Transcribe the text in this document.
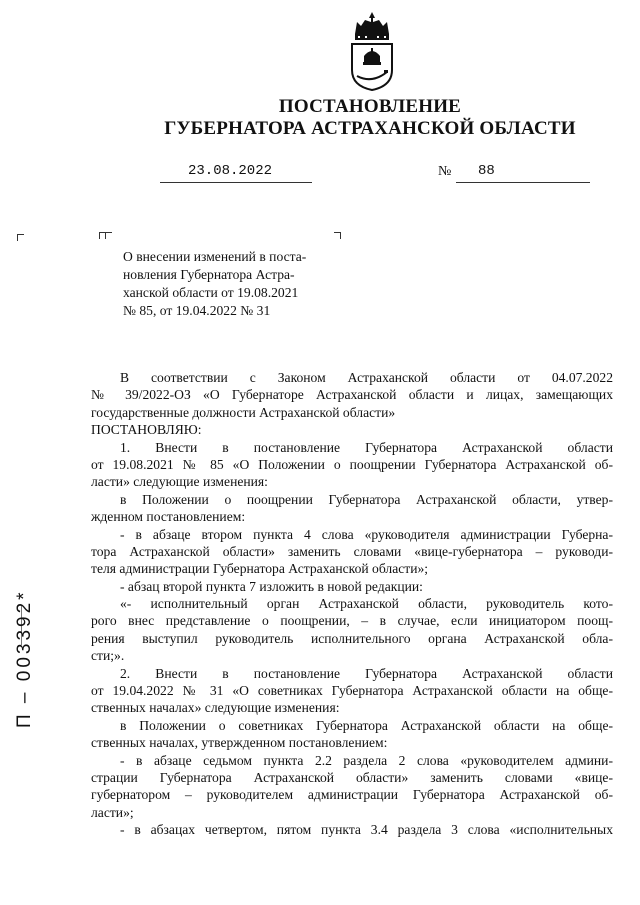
ПОСТАНОВЛЕНИЕ
ГУБЕРНАТОРА АСТРАХАНСКОЙ ОБЛАСТИ
23.08.2022	№ 88
О внесении изменений в поста-
новления Губернатора Астра-
ханской области от 19.08.2021
№ 85, от 19.04.2022 № 31
В соответствии с Законом Астраханской области от 04.07.2022
№ 39/2022-ОЗ «О Губернаторе Астраханской области и лицах, замещающих
государственные должности Астраханской области»
ПОСТАНОВЛЯЮ:
1. Внести в постановление Губернатора Астраханской области
от 19.08.2021 № 85 «О Положении о поощрении Губернатора Астраханской об-
ласти» следующие изменения:
в Положении о поощрении Губернатора Астраханской области, утвер-
жденном постановлением:
- в абзаце втором пункта 4 слова «руководителя администрации Губерна-
тора Астраханской области» заменить словами «вице-губернатора – руководи-
теля администрации Губернатора Астраханской области»;
- абзац второй пункта 7 изложить в новой редакции:
«- исполнительный орган Астраханской области, руководитель кото-
рого внес представление о поощрении, – в случае, если инициатором поощ-
рения выступил руководитель исполнительного органа Астраханской обла-
сти;».
2. Внести в постановление Губернатора Астраханской области
от 19.04.2022 № 31 «О советниках Губернатора Астраханской области на обще-
ственных началах» следующие изменения:
в Положении о советниках Губернатора Астраханской области на обще-
ственных началах, утвержденном постановлением:
- в абзаце седьмом пункта 2.2 раздела 2 слова «руководителем админи-
страции Губернатора Астраханской области» заменить словами «вице-
губернатором – руководителем администрации Губернатора Астраханской об-
ласти»;
- в абзацах четвертом, пятом пункта 3.4 раздела 3 слова «исполнительных
П – 003392*
